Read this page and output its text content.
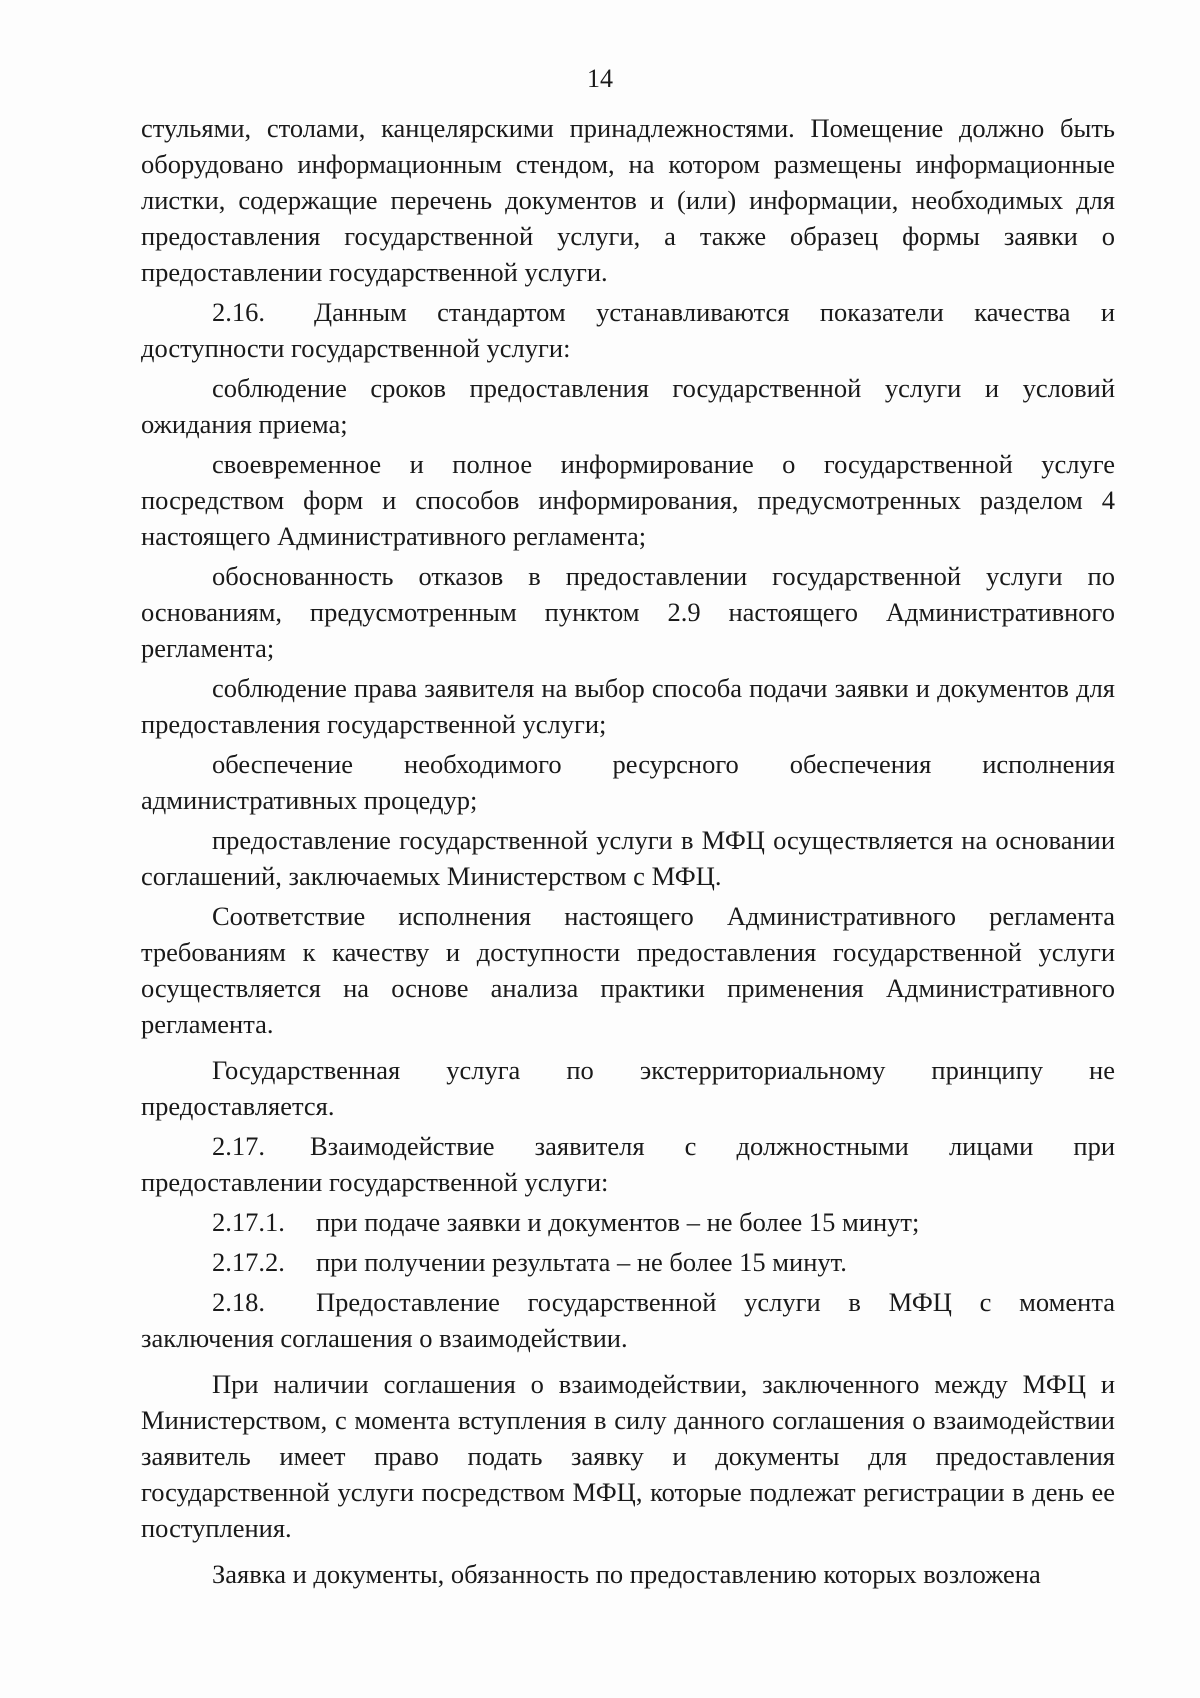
14

стульями, столами, канцелярскими принадлежностями. Помещение должно быть оборудовано информационным стендом, на котором размещены информационные листки, содержащие перечень документов и (или) информации, необходимых для предоставления государственной услуги, а также образец формы заявки о предоставлении государственной услуги.

2.16. Данным стандартом устанавливаются показатели качества и доступности государственной услуги:

соблюдение сроков предоставления государственной услуги и условий ожидания приема;

своевременное и полное информирование о государственной услуге посредством форм и способов информирования, предусмотренных разделом 4 настоящего Административного регламента;

обоснованность отказов в предоставлении государственной услуги по основаниям, предусмотренным пунктом 2.9 настоящего Административного регламента;

соблюдение права заявителя на выбор способа подачи заявки и документов для предоставления государственной услуги;

обеспечение необходимого ресурсного обеспечения исполнения административных процедур;

предоставление государственной услуги в МФЦ осуществляется на основании соглашений, заключаемых Министерством с МФЦ.

Соответствие исполнения настоящего Административного регламента требованиям к качеству и доступности предоставления государственной услуги осуществляется на основе анализа практики применения Административного регламента.

Государственная услуга по экстерриториальному принципу не предоставляется.

2.17. Взаимодействие заявителя с должностными лицами при предоставлении государственной услуги:

2.17.1. при подаче заявки и документов – не более 15 минут;

2.17.2. при получении результата – не более 15 минут.

2.18. Предоставление государственной услуги в МФЦ с момента заключения соглашения о взаимодействии.

При наличии соглашения о взаимодействии, заключенного между МФЦ и Министерством, с момента вступления в силу данного соглашения о взаимодействии заявитель имеет право подать заявку и документы для предоставления государственной услуги посредством МФЦ, которые подлежат регистрации в день ее поступления.

Заявка и документы, обязанность по предоставлению которых возложена
